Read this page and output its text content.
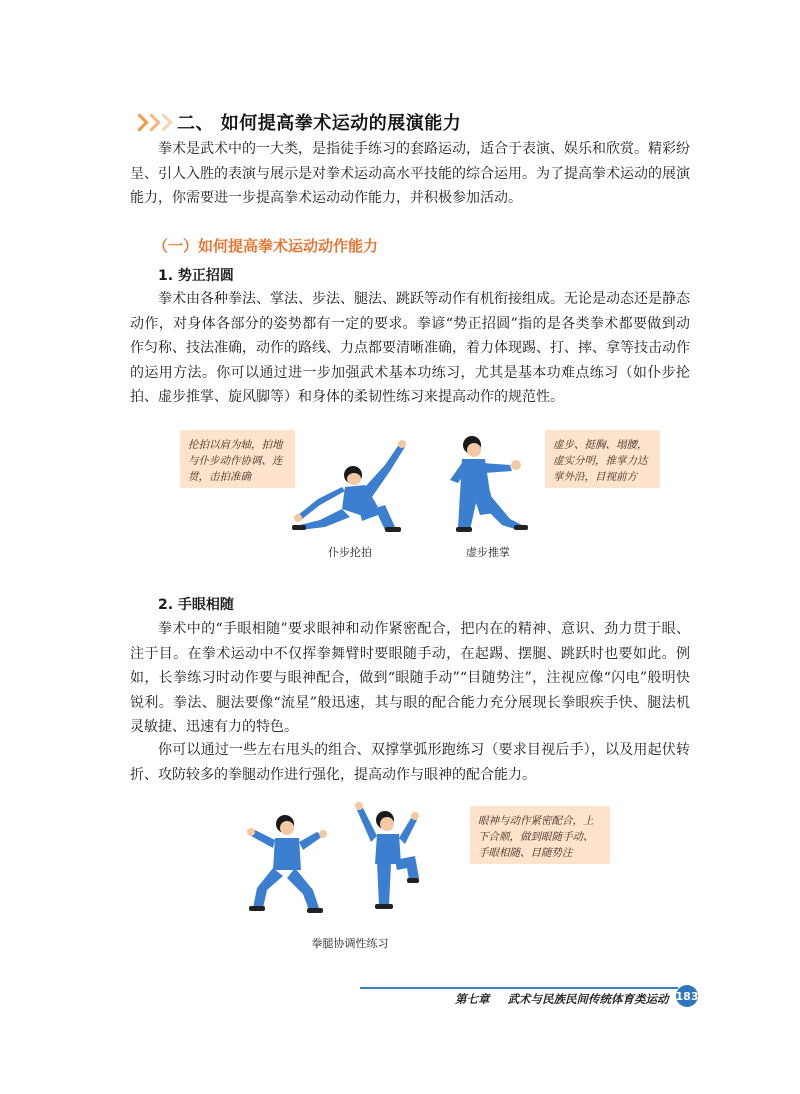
二、 如何提高拳术运动的展演能力

拳术是武术中的一大类，是指徒手练习的套路运动，适合于表演、娱乐和欣赏。精彩纷呈、引人入胜的表演与展示是对拳术运动高水平技能的综合运用。为了提高拳术运动的展演能力，你需要进一步提高拳术运动动作能力，并积极参加活动。

（一）如何提高拳术运动动作能力
1. 势正招圆

拳术由各种拳法、掌法、步法、腿法、跳跃等动作有机衔接组成。无论是动态还是静态动作，对身体各部分的姿势都有一定的要求。拳谚“势正招圆”指的是各类拳术都要做到动作匀称、技法准确，动作的路线、力点都要清晰准确，着力体现踢、打、摔、拿等技击动作的运用方法。你可以通过进一步加强武术基本功练习，尤其是基本功难点练习（如仆步抡拍、虚步推掌、旋风脚等）和身体的柔韧性练习来提高动作的规范性。

抡拍以肩为轴，拍地与仆步动作协调、连贯，击拍准确
虚步、挺胸、塌腰，虚实分明，推掌力达掌外沿，目视前方
仆步抡拍	虚步推掌
2. 手眼相随

拳术中的“手眼相随”要求眼神和动作紧密配合，把内在的精神、意识、劲力贯于眼、注于目。在拳术运动中不仅挥拳舞臂时要眼随手动，在起踢、摆腿、跳跃时也要如此。例如，长拳练习时动作要与眼神配合，做到“眼随手动”“目随势注”，注视应像“闪电”般明快锐利。拳法、腿法要像“流星”般迅速，其与眼的配合能力充分展现长拳眼疾手快、腿法机灵敏捷、迅速有力的特色。

你可以通过一些左右甩头的组合、双撑掌弧形跑练习（要求目视后手），以及用起伏转折、攻防较多的拳腿动作进行强化，提高动作与眼神的配合能力。

眼神与动作紧密配合，上下合顺，做到眼随手动、手眼相随、目随势注
拳腿协调性练习
第七章 武术与民族民间传统体育类运动 183
